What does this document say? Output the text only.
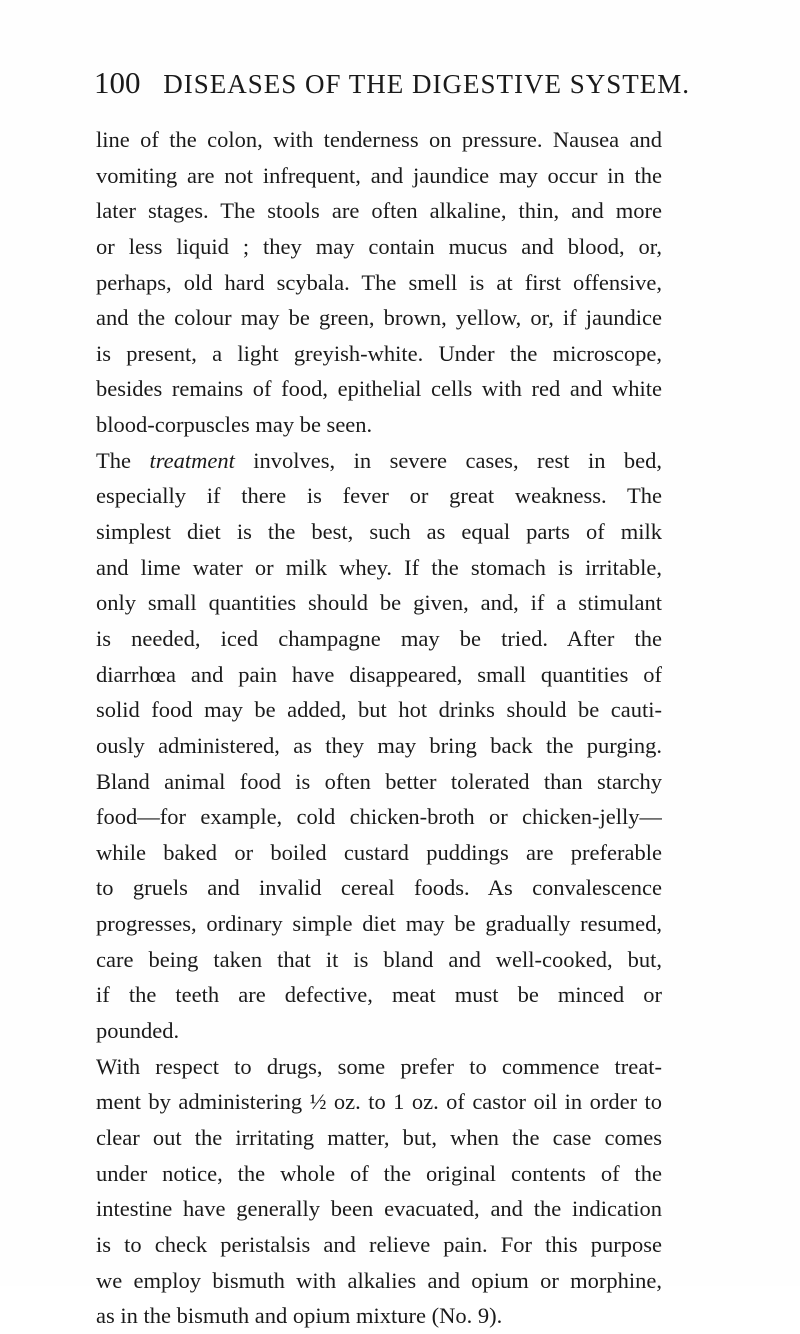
100 DISEASES OF THE DIGESTIVE SYSTEM.
line of the colon, with tenderness on pressure. Nausea and
vomiting are not infrequent, and jaundice may occur in the
later stages. The stools are often alkaline, thin, and more
or less liquid ; they may contain mucus and blood, or,
perhaps, old hard scybala. The smell is at first offensive,
and the colour may be green, brown, yellow, or, if jaundice
is present, a light greyish-white. Under the microscope,
besides remains of food, epithelial cells with red and white
blood-corpuscles may be seen.
The treatment involves, in severe cases, rest in bed,
especially if there is fever or great weakness. The
simplest diet is the best, such as equal parts of milk
and lime water or milk whey. If the stomach is irritable,
only small quantities should be given, and, if a stimulant
is needed, iced champagne may be tried. After the
diarrhœa and pain have disappeared, small quantities of
solid food may be added, but hot drinks should be cauti-
ously administered, as they may bring back the purging.
Bland animal food is often better tolerated than starchy
food—for example, cold chicken-broth or chicken-jelly—
while baked or boiled custard puddings are preferable
to gruels and invalid cereal foods. As convalescence
progresses, ordinary simple diet may be gradually resumed,
care being taken that it is bland and well-cooked, but,
if the teeth are defective, meat must be minced or
pounded.
With respect to drugs, some prefer to commence treat-
ment by administering ½ oz. to 1 oz. of castor oil in order to
clear out the irritating matter, but, when the case comes
under notice, the whole of the original contents of the
intestine have generally been evacuated, and the indication
is to check peristalsis and relieve pain. For this purpose
we employ bismuth with alkalies and opium or morphine,
as in the bismuth and opium mixture (No. 9).
